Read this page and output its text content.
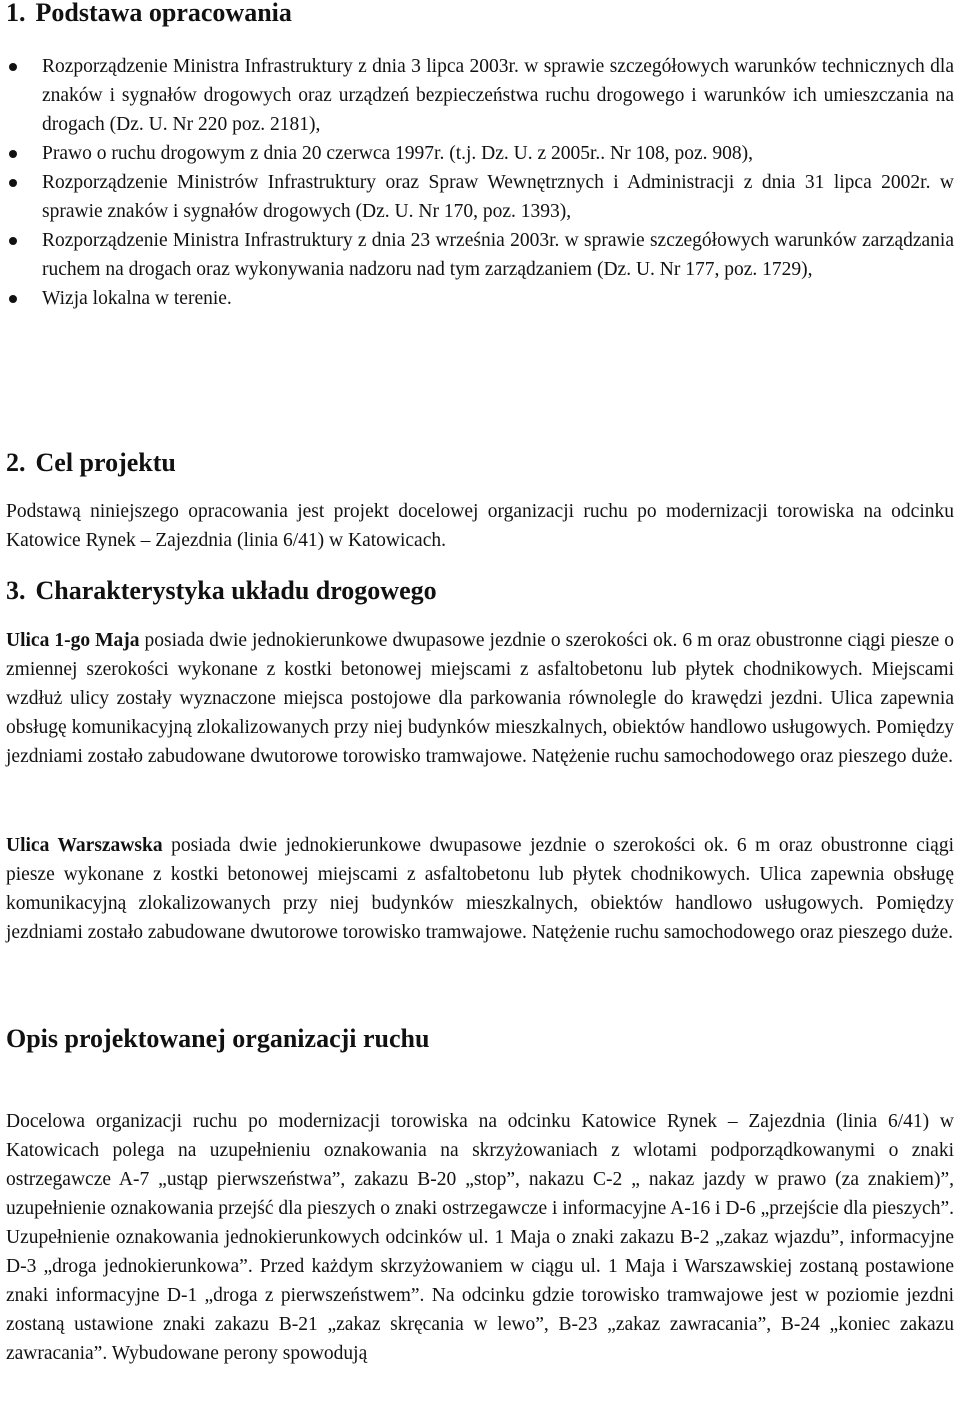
1. Podstawa opracowania
Rozporządzenie Ministra Infrastruktury z dnia 3 lipca 2003r. w sprawie szczegółowych warunków technicznych dla znaków i sygnałów drogowych oraz urządzeń bezpieczeństwa ruchu drogowego i warunków ich umieszczania na drogach (Dz. U. Nr 220 poz. 2181),
Prawo o ruchu drogowym z dnia 20 czerwca 1997r. (t.j. Dz. U. z 2005r.. Nr 108, poz. 908),
Rozporządzenie Ministrów Infrastruktury oraz Spraw Wewnętrznych i Administracji z dnia 31 lipca 2002r. w sprawie znaków i sygnałów drogowych (Dz. U. Nr 170, poz. 1393),
Rozporządzenie Ministra Infrastruktury z dnia 23 września 2003r. w sprawie szczegółowych warunków zarządzania ruchem na drogach oraz wykonywania nadzoru nad tym zarządzaniem (Dz. U. Nr 177, poz. 1729),
Wizja lokalna w terenie.
2. Cel projektu

Podstawą niniejszego opracowania jest projekt docelowej organizacji ruchu po modernizacji torowiska na odcinku Katowice Rynek – Zajezdnia (linia 6/41) w Katowicach.

3. Charakterystyka układu drogowego

Ulica 1-go Maja posiada dwie jednokierunkowe dwupasowe jezdnie o szerokości ok. 6 m oraz obustronne ciągi piesze o zmiennej szerokości wykonane z kostki betonowej miejscami z asfaltobetonu lub płytek chodnikowych. Miejscami wzdłuż ulicy zostały wyznaczone miejsca postojowe dla parkowania równolegle do krawędzi jezdni. Ulica zapewnia obsługę komunikacyjną zlokalizowanych przy niej budynków mieszkalnych, obiektów handlowo usługowych. Pomiędzy jezdniami zostało zabudowane dwutorowe torowisko tramwajowe. Natężenie ruchu samochodowego oraz pieszego duże.

Ulica Warszawska posiada dwie jednokierunkowe dwupasowe jezdnie o szerokości ok. 6 m oraz obustronne ciągi piesze wykonane z kostki betonowej miejscami z asfaltobetonu lub płytek chodnikowych. Ulica zapewnia obsługę komunikacyjną zlokalizowanych przy niej budynków mieszkalnych, obiektów handlowo usługowych. Pomiędzy jezdniami zostało zabudowane dwutorowe torowisko tramwajowe. Natężenie ruchu samochodowego oraz pieszego duże.

Opis projektowanej organizacji ruchu

Docelowa organizacji ruchu po modernizacji torowiska na odcinku Katowice Rynek – Zajezdnia (linia 6/41) w Katowicach polega na uzupełnieniu oznakowania na skrzyżowaniach z wlotami podporządkowanymi o znaki ostrzegawcze A-7 „ustąp pierwszeństwa”, zakazu B-20 „stop”, nakazu C-2 „ nakaz jazdy w prawo (za znakiem)”, uzupełnienie oznakowania przejść dla pieszych o znaki ostrzegawcze i informacyjne A-16 i D-6 „przejście dla pieszych”. Uzupełnienie oznakowania jednokierunkowych odcinków ul. 1 Maja o znaki zakazu B-2 „zakaz wjazdu”, informacyjne D-3 „droga jednokierunkowa”. Przed każdym skrzyżowaniem w ciągu ul. 1 Maja i Warszawskiej zostaną postawione znaki informacyjne D-1 „droga z pierwszeństwem”. Na odcinku gdzie torowisko tramwajowe jest w poziomie jezdni zostaną ustawione znaki zakazu B-21 „zakaz skręcania w lewo”, B-23 „zakaz zawracania”, B-24 „koniec zakazu zawracania”. Wybudowane perony spowodują
